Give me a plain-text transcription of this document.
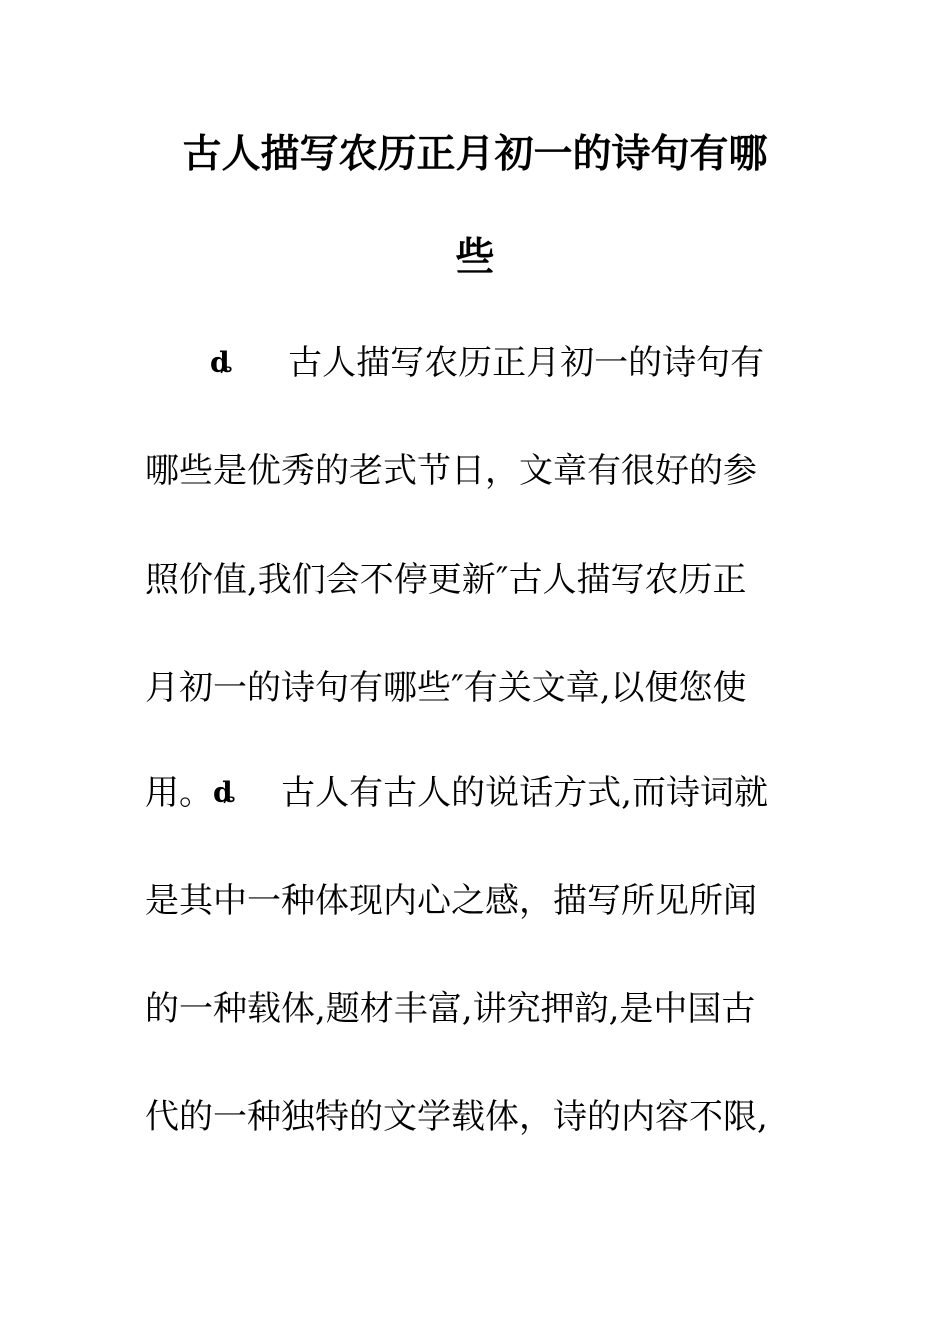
古人描写农历正月初一的诗句有哪
些

ȡ 古人描写农历正月初一的诗句有

哪些是优秀的老式节日，文章有很好的参

照价值,我们会不停更新″古人描写农历正

月初一的诗句有哪些″有关文章,以便您使

用。ȡ 古人有古人的说话方式,而诗词就

是其中一种体现内心之感，描写所见所闻

的一种载体,题材丰富,讲究押韵,是中国古

代的一种独特的文学载体，诗的内容不限,
